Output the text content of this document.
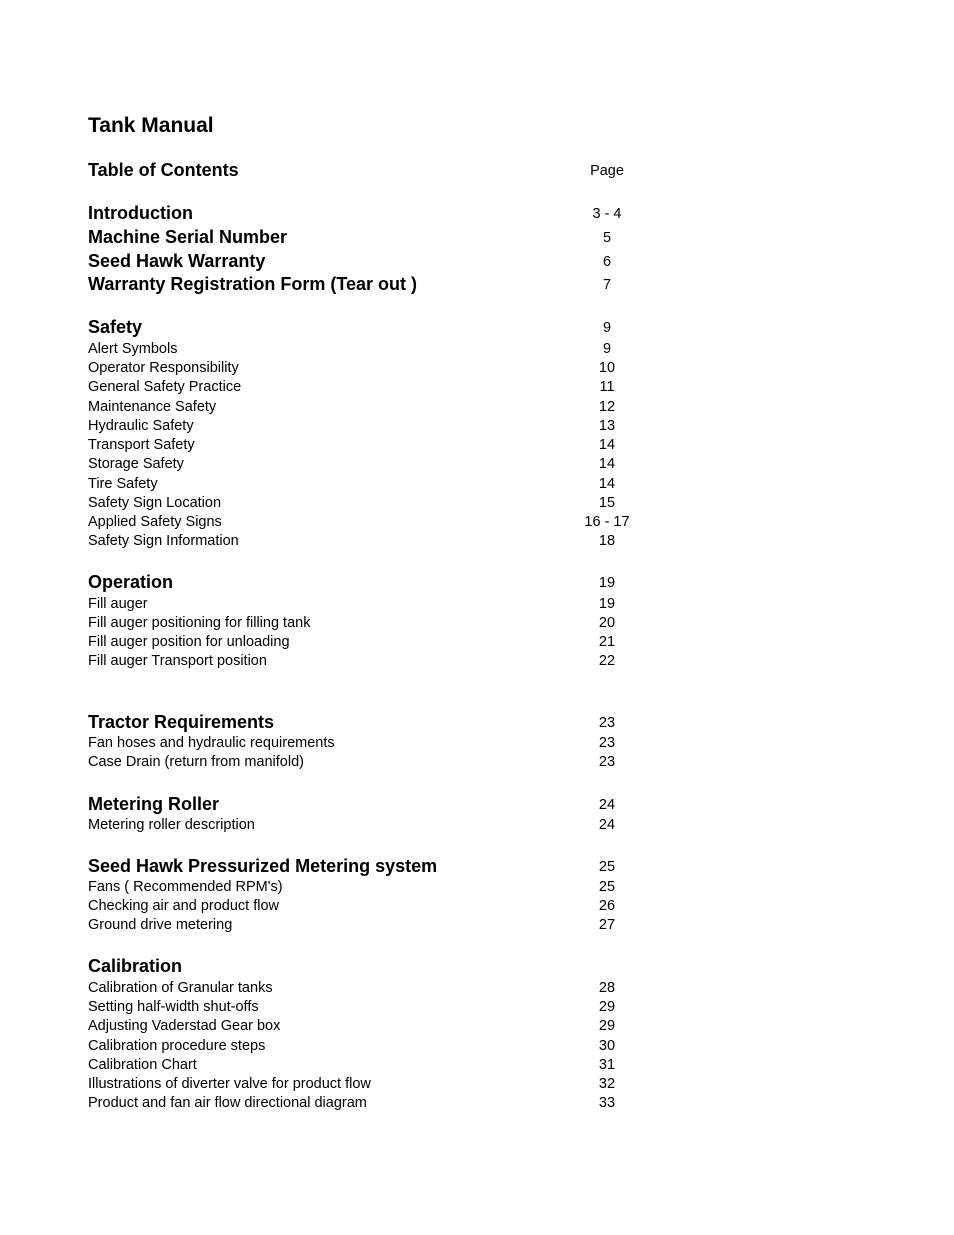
Tank Manual
Table of Contents	Page
Introduction	3 - 4
Machine Serial Number	5
Seed Hawk Warranty	6
Warranty Registration Form (Tear out )	7
Safety	9
Alert Symbols	9
Operator Responsibility	10
General Safety Practice	11
Maintenance Safety	12
Hydraulic Safety	13
Transport Safety	14
Storage Safety	14
Tire Safety	14
Safety Sign Location	15
Applied Safety Signs	16 - 17
Safety Sign Information	18
Operation	19
Fill auger	19
Fill auger positioning for filling tank	20
Fill auger position for unloading	21
Fill auger Transport position	22
Tractor Requirements	23
Fan hoses and hydraulic requirements	23
Case Drain (return from manifold)	23
Metering Roller	24
Metering roller description	24
Seed Hawk Pressurized Metering system	25
Fans ( Recommended RPM's)	25
Checking air and product flow	26
Ground drive metering	27
Calibration
Calibration of Granular tanks	28
Setting half-width shut-offs	29
Adjusting Vaderstad Gear box	29
Calibration procedure steps	30
Calibration Chart	31
Illustrations of diverter valve for product flow	32
Product and fan air flow directional diagram	33
